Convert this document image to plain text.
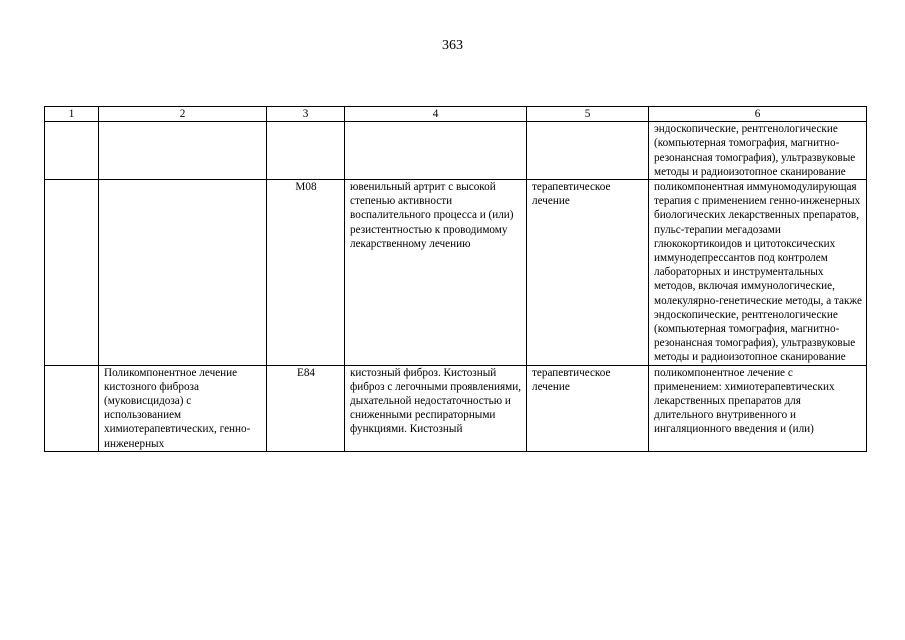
363
1	2	3	4	5	6
					эндоскопические, рентгенологические (компьютерная томография, магнитно-резонансная томография), ультразвуковые методы и радиоизотопное сканирование
		M08	ювенильный артрит с высокой степенью активности воспалительного процесса и (или) резистентностью к проводимому лекарственному лечению	терапевтическое лечение	поликомпонентная иммуномодулирующая терапия с применением генно-инженерных биологических лекарственных препаратов, пульс-терапии мегадозами глюкокортикоидов и цитотоксических иммунодепрессантов под контролем лабораторных и инструментальных методов, включая иммунологические, молекулярно-генетические методы, а также эндоскопические, рентгенологические (компьютерная томография, магнитно-резонансная томография), ультразвуковые методы и радиоизотопное сканирование
	Поликомпонентное лечение кистозного фиброза (муковисцидоза) с использованием химиотерапевтических, генно-инженерных	E84	кистозный фиброз. Кистозный фиброз с легочными проявлениями, дыхательной недостаточностью и сниженными респираторными функциями. Кистозный	терапевтическое лечение	поликомпонентное лечение с применением: химиотерапевтических лекарственных препаратов для длительного внутривенного и ингаляционного введения и (или)
